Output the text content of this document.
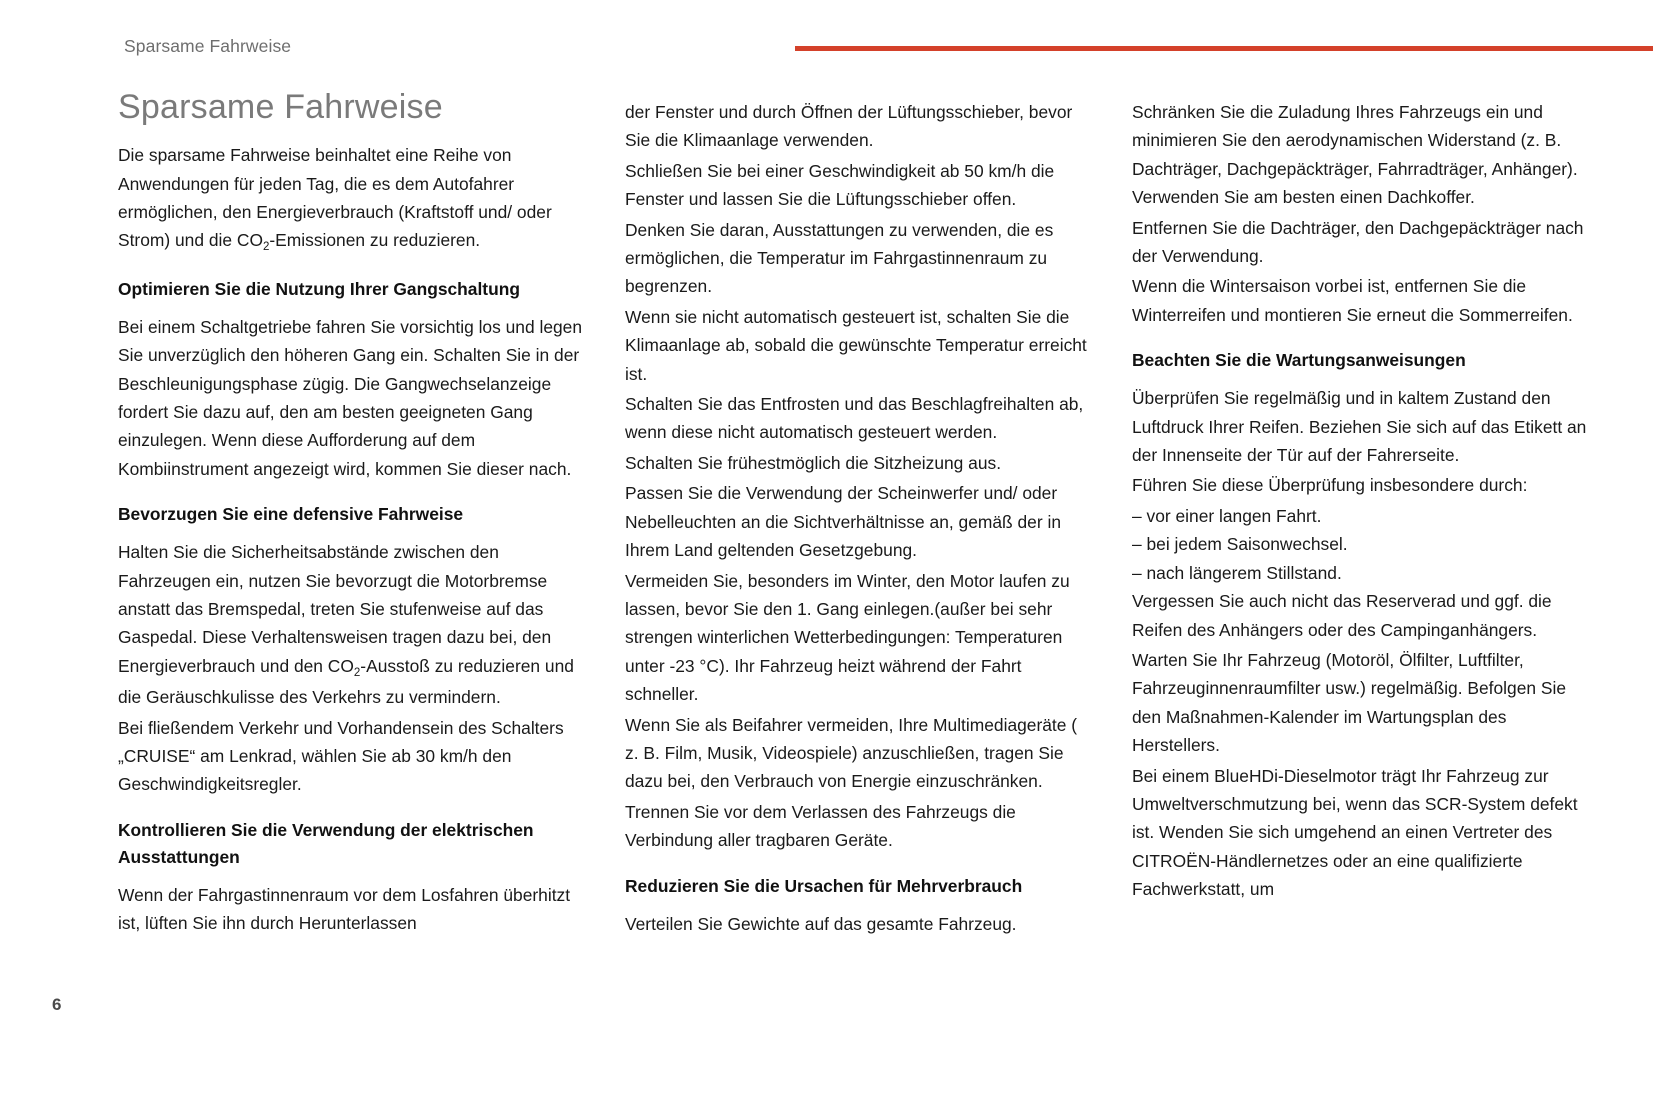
Sparsame Fahrweise
Sparsame Fahrweise

Die sparsame Fahrweise beinhaltet eine Reihe von Anwendungen für jeden Tag, die es dem Autofahrer ermöglichen, den Energieverbrauch (Kraftstoff und/ oder Strom) und die $CO_2$-Emissionen zu reduzieren.

Optimieren Sie die Nutzung Ihrer Gangschaltung

Bei einem Schaltgetriebe fahren Sie vorsichtig los und legen Sie unverzüglich den höheren Gang ein. Schalten Sie in der Beschleunigungsphase zügig. Die Gangwechselanzeige fordert Sie dazu auf, den am besten geeigneten Gang einzulegen. Wenn diese Aufforderung auf dem Kombiinstrument angezeigt wird, kommen Sie dieser nach.

Bevorzugen Sie eine defensive Fahrweise

Halten Sie die Sicherheitsabstände zwischen den Fahrzeugen ein, nutzen Sie bevorzugt die Motorbremse anstatt das Bremspedal, treten Sie stufenweise auf das Gaspedal. Diese Verhaltensweisen tragen dazu bei, den Energieverbrauch und den $CO_2$-Ausstoß zu reduzieren und die Geräuschkulisse des Verkehrs zu vermindern.

Bei fließendem Verkehr und Vorhandensein des Schalters „CRUISE“ am Lenkrad, wählen Sie ab 30 km/h den Geschwindigkeitsregler.

Kontrollieren Sie die Verwendung der elektrischen Ausstattungen

Wenn der Fahrgastinnenraum vor dem Losfahren überhitzt ist, lüften Sie ihn durch Herunterlassen

der Fenster und durch Öffnen der Lüftungsschieber, bevor Sie die Klimaanlage verwenden.

Schließen Sie bei einer Geschwindigkeit ab 50 km/h die Fenster und lassen Sie die Lüftungsschieber offen.

Denken Sie daran, Ausstattungen zu verwenden, die es ermöglichen, die Temperatur im Fahrgastinnenraum zu begrenzen.

Wenn sie nicht automatisch gesteuert ist, schalten Sie die Klimaanlage ab, sobald die gewünschte Temperatur erreicht ist.

Schalten Sie das Entfrosten und das Beschlagfreihalten ab, wenn diese nicht automatisch gesteuert werden.

Schalten Sie frühestmöglich die Sitzheizung aus.

Passen Sie die Verwendung der Scheinwerfer und/ oder Nebelleuchten an die Sichtverhältnisse an, gemäß der in Ihrem Land geltenden Gesetzgebung.

Vermeiden Sie, besonders im Winter, den Motor laufen zu lassen, bevor Sie den 1. Gang einlegen.(außer bei sehr strengen winterlichen Wetterbedingungen: Temperaturen unter -23 °C). Ihr Fahrzeug heizt während der Fahrt schneller.

Wenn Sie als Beifahrer vermeiden, Ihre Multimediageräte ( z. B. Film, Musik, Videospiele) anzuschließen, tragen Sie dazu bei, den Verbrauch von Energie einzuschränken.

Trennen Sie vor dem Verlassen des Fahrzeugs die Verbindung aller tragbaren Geräte.

Reduzieren Sie die Ursachen für Mehrverbrauch

Verteilen Sie Gewichte auf das gesamte Fahrzeug.

Schränken Sie die Zuladung Ihres Fahrzeugs ein und minimieren Sie den aerodynamischen Widerstand (z. B. Dachträger, Dachgepäckträger, Fahrradträger, Anhänger). Verwenden Sie am besten einen Dachkoffer.

Entfernen Sie die Dachträger, den Dachgepäckträger nach der Verwendung.

Wenn die Wintersaison vorbei ist, entfernen Sie die Winterreifen und montieren Sie erneut die Sommerreifen.

Beachten Sie die Wartungsanweisungen

Überprüfen Sie regelmäßig und in kaltem Zustand den Luftdruck Ihrer Reifen. Beziehen Sie sich auf das Etikett an der Innenseite der Tür auf der Fahrerseite.

Führen Sie diese Überprüfung insbesondere durch:

– vor einer langen Fahrt.

– bei jedem Saisonwechsel.

– nach längerem Stillstand.

Vergessen Sie auch nicht das Reserverad und ggf. die Reifen des Anhängers oder des Campinganhängers.

Warten Sie Ihr Fahrzeug (Motoröl, Ölfilter, Luftfilter, Fahrzeuginnenraumfilter usw.) regelmäßig. Befolgen Sie den Maßnahmen-Kalender im Wartungsplan des Herstellers.

Bei einem BlueHDi-Dieselmotor trägt Ihr Fahrzeug zur Umweltverschmutzung bei, wenn das SCR-System defekt ist. Wenden Sie sich umgehend an einen Vertreter des CITROËN-Händlernetzes oder an eine qualifizierte Fachwerkstatt, um

6
